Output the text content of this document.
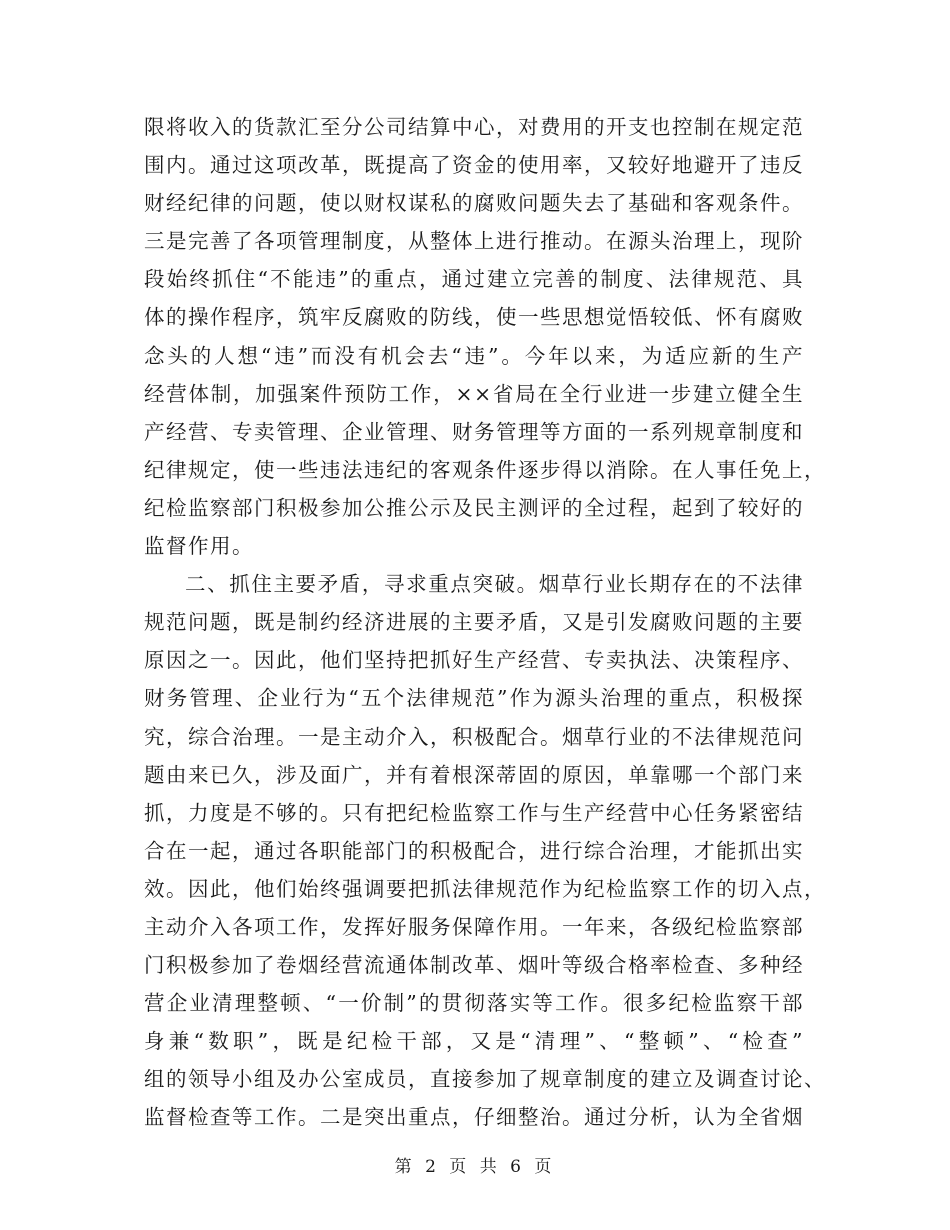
限将收入的货款汇至分公司结算中心，对费用的开支也控制在规定范
围内。通过这项改革，既提高了资金的使用率，又较好地避开了违反
财经纪律的问题，使以财权谋私的腐败问题失去了基础和客观条件。
三是完善了各项管理制度，从整体上进行推动。在源头治理上，现阶
段始终抓住“不能违”的重点，通过建立完善的制度、法律规范、具
体的操作程序，筑牢反腐败的防线，使一些思想觉悟较低、怀有腐败
念头的人想“违”而没有机会去“违”。今年以来，为适应新的生产
经营体制，加强案件预防工作，××省局在全行业进一步建立健全生
产经营、专卖管理、企业管理、财务管理等方面的一系列规章制度和
纪律规定，使一些违法违纪的客观条件逐步得以消除。在人事任免上，
纪检监察部门积极参加公推公示及民主测评的全过程，起到了较好的
监督作用。
二、抓住主要矛盾，寻求重点突破。烟草行业长期存在的不法律
规范问题，既是制约经济进展的主要矛盾，又是引发腐败问题的主要
原因之一。因此，他们坚持把抓好生产经营、专卖执法、决策程序、
财务管理、企业行为“五个法律规范”作为源头治理的重点，积极探
究，综合治理。一是主动介入，积极配合。烟草行业的不法律规范问
题由来已久，涉及面广，并有着根深蒂固的原因，单靠哪一个部门来
抓，力度是不够的。只有把纪检监察工作与生产经营中心任务紧密结
合在一起，通过各职能部门的积极配合，进行综合治理，才能抓出实
效。因此，他们始终强调要把抓法律规范作为纪检监察工作的切入点，
主动介入各项工作，发挥好服务保障作用。一年来，各级纪检监察部
门积极参加了卷烟经营流通体制改革、烟叶等级合格率检查、多种经
营企业清理整顿、“一价制”的贯彻落实等工作。很多纪检监察干部
身兼“数职”，既是纪检干部，又是“清理”、“整顿”、“检查”
组的领导小组及办公室成员，直接参加了规章制度的建立及调查讨论、
监督检查等工作。二是突出重点，仔细整治。通过分析，认为全省烟
第 2 页 共 6 页
